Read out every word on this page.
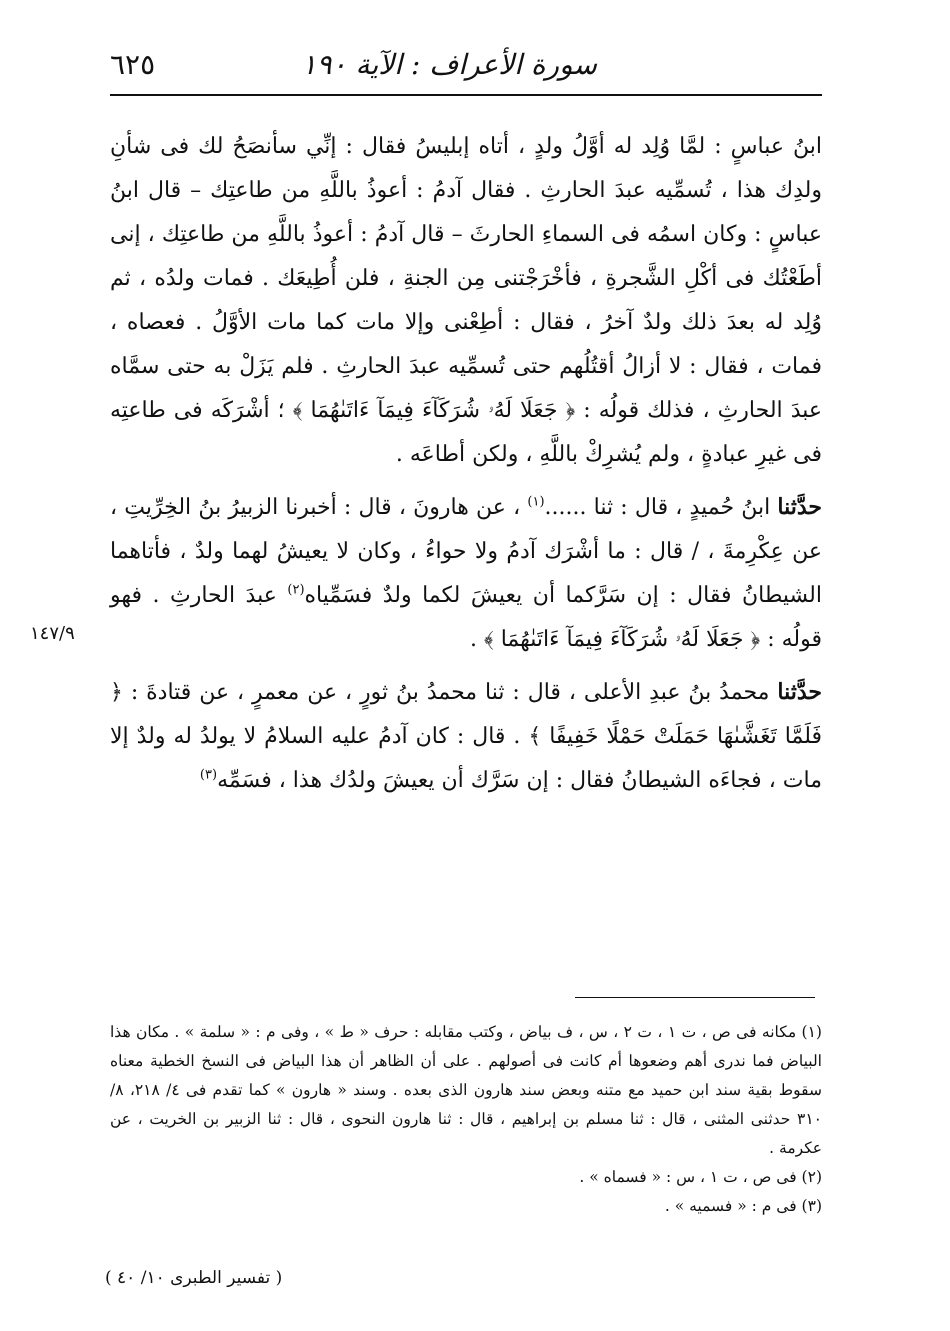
سورة الأعراف : الآية ١٩٠
٦٢٥

ابنُ عباسٍ : لمَّا وُلِد له أوَّلُ ولدٍ ، أتاه إبليسُ فقال : إنِّي سأنصَحُ لك فى شأنِ ولدِك هذا ، تُسمِّيه عبدَ الحارثِ . فقال آدمُ : أعوذُ باللَّهِ من طاعتِك – قال ابنُ عباسٍ : وكان اسمُه فى السماءِ الحارثَ – قال آدمُ : أعوذُ باللَّهِ من طاعتِك ، إنى أطَعْتُك فى أكْلِ الشَّجرةِ ، فأخْرَجْتنى مِن الجنةِ ، فلن أُطِيعَك . فمات ولدُه ، ثم وُلِد له بعدَ ذلك ولدٌ آخرُ ، فقال : أطِعْنى وإلا مات كما مات الأوَّلُ . فعصاه ، فمات ، فقال : لا أزالُ أقتُلُهم حتى تُسمِّيه عبدَ الحارثِ . فلم يَزَلْ به حتى سمَّاه عبدَ الحارثِ ، فذلك قولُه : ﴿ جَعَلَا لَهُۥ شُرَكَآءَ فِيمَآ ءَاتَىٰهُمَا ﴾ ؛ أشْرَكَه فى طاعتِه فى غيرِ عبادةٍ ، ولم يُشرِكْ باللَّهِ ، ولكن أطاعَه .

حدَّثنا ابنُ حُميدٍ ، قال : ثنا ......$^{(١)}$ ، عن هارونَ ، قال : أخبرنا الزبيرُ بنُ الخِرِّيتِ ، عن عِكْرِمةَ ، / قال : ما أشْرَك آدمُ ولا حواءُ ، وكان لا يعيشُ لهما ولدٌ ، فأتاهما الشيطانُ فقال : إن سَرَّكما أن يعيشَ لكما ولدٌ فسَمِّياه$^{(٢)}$ عبدَ الحارثِ . فهو قولُه : ﴿ جَعَلَا لَهُۥ شُرَكَآءَ فِيمَآ ءَاتَىٰهُمَا ﴾ .

حدَّثنا محمدُ بنُ عبدِ الأعلى ، قال : ثنا محمدُ بنُ ثورٍ ، عن معمرٍ ، عن قتادةَ : ﴿ فَلَمَّا تَغَشَّىٰهَا حَمَلَتْ حَمْلًا خَفِيفًا ﴾ . قال : كان آدمُ عليه السلامُ لا يولدُ له ولدٌ إلا مات ، فجاءَه الشيطانُ فقال : إن سَرَّك أن يعيشَ ولدُك هذا ، فسَمِّه$^{(٣)}$

١٤٧/٩

(١) مكانه فى ص ، ت ١ ، ت ٢ ، س ، ف بياض ، وكتب مقابله : حرف « ط » ، وفى م : « سلمة » . مكان هذا البياض فما ندرى أهم وضعوها أم كانت فى أصولهم . على أن الظاهر أن هذا البياض فى النسخ الخطية معناه سقوط بقية سند ابن حميد مع متنه وبعض سند هارون الذى بعده . وسند « هارون » كما تقدم فى ٤/ ٢١٨، ٨/ ٣١٠ حدثنى المثنى ، قال : ثنا مسلم بن إبراهيم ، قال : ثنا هارون النحوى ، قال : ثنا الزبير بن الخريت ، عن عكرمة .

(٢) فى ص ، ت ١ ، س : « فسماه » .

(٣) فى م : « فسميه » .

( تفسير الطبرى ١٠/ ٤٠ )
